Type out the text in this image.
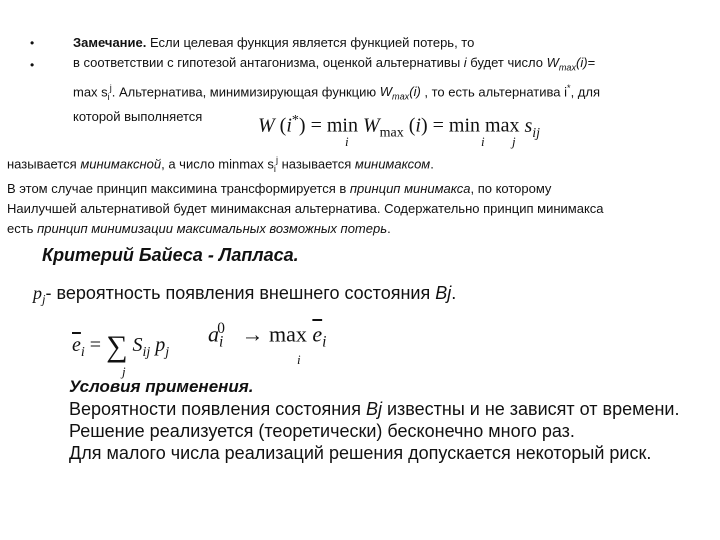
•
•
Замечание. Если целевая функция является функцией потерь, то
в соответствии с гипотезой антагонизма, оценкой альтернативы i будет число $W_{max}(i)=$
$\max s_i^j$. Альтернатива, минимизирующая функцию $W_{max}(i)$ , то есть альтернатива i*, для
которой выполняется	W $(i^*) = \min W_{max}$ $(i) = \min \max s_{ij}$
i	i j
называется минимаксной, а число minmax $s_i^j$ называется минимаксом.
В этом случае принцип максимина трансформируется в принцип минимакса, по которому
Наилучшей альтернативой будет минимаксная альтернатива. Содержательно принцип минимакса
есть принцип минимизации максимальных возможных потерь.
Критерий Байеса - Лапласа.
$p_j-$ вероятность появления внешнего состояния Bj.
$\overline{e}_i$ = ∑ $S_{ij}$ $p_j$
j
$a_i^0 \to \max \overline{e}_i$
i
Условия применения.
Вероятности появления состояния Bj известны и не зависят от времени.
Решение реализуется (теоретически) бесконечно много раз.
Для малого числа реализаций решения допускается некоторый риск.
